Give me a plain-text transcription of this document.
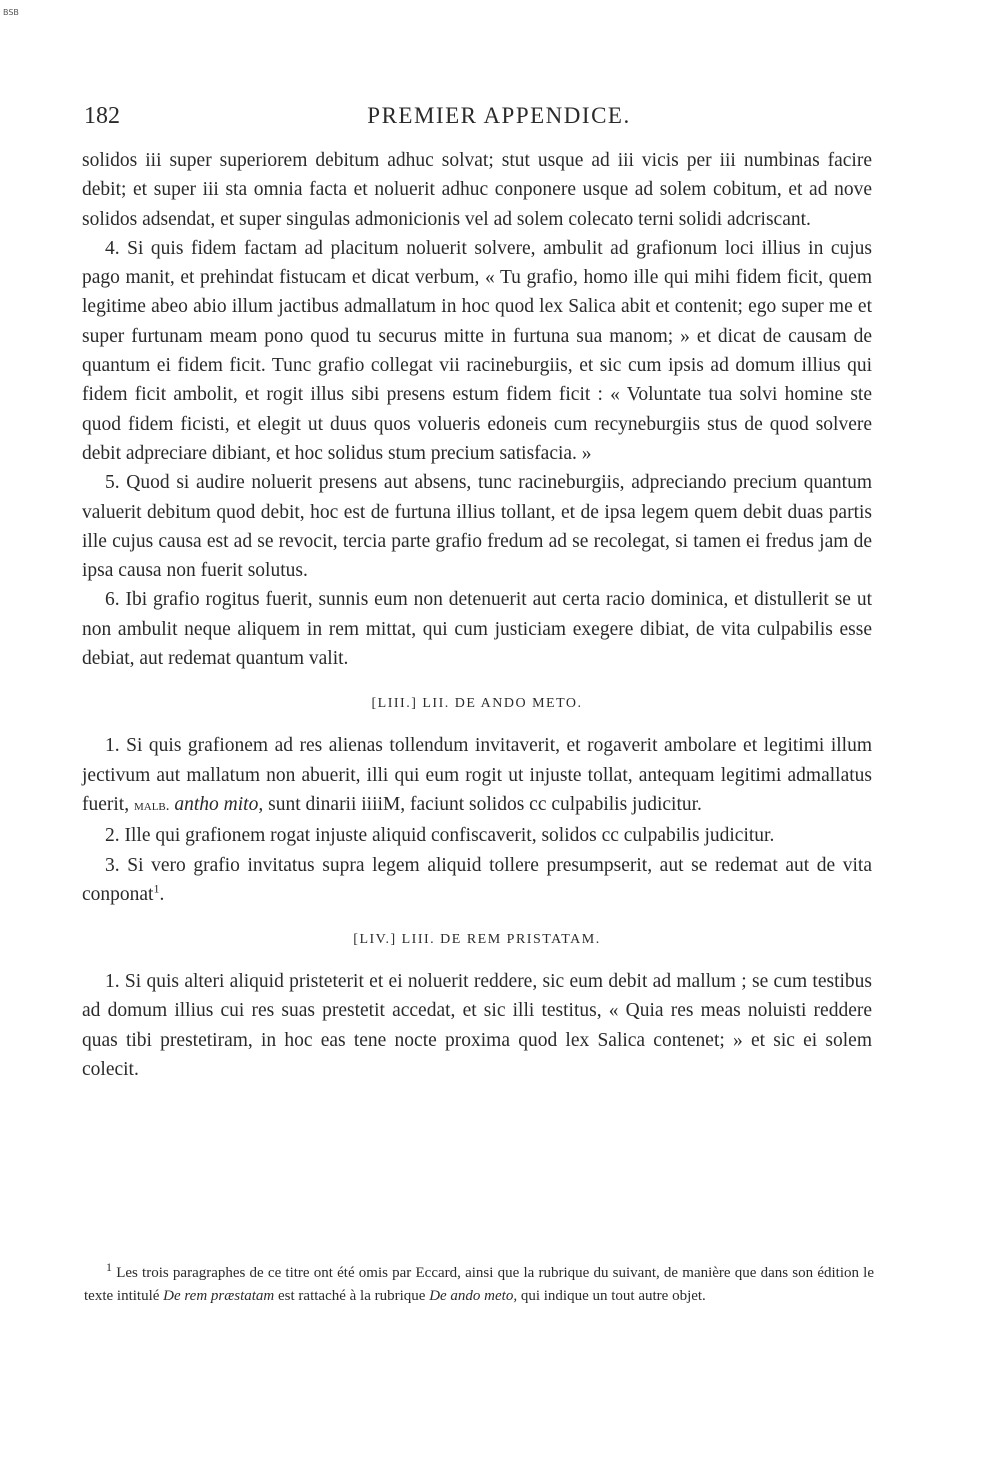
BSB
182	PREMIER APPENDICE.

solidos iii super superiorem debitum adhuc solvat; stut usque ad iii vicis per iii numbinas facire debit; et super iii sta omnia facta et noluerit adhuc conponere usque ad solem cobitum, et ad nove solidos adsendat, et super singulas admonicionis vel ad solem colecato terni solidi adcriscant.

4. Si quis fidem factam ad placitum noluerit solvere, ambulit ad grafionum loci illius in cujus pago manit, et prehindat fistucam et dicat verbum, « Tu grafio, homo ille qui mihi fidem ficit, quem legitime abeo abio illum jactibus admallatum in hoc quod lex Salica abit et contenit; ego super me et super furtunam meam pono quod tu securus mitte in furtuna sua manom; » et dicat de causam de quantum ei fidem ficit. Tunc grafio collegat vii racineburgiis, et sic cum ipsis ad domum illius qui fidem ficit ambolit, et rogit illus sibi presens estum fidem ficit : « Voluntate tua solvi homine ste quod fidem ficisti, et elegit ut duus quos volueris edoneis cum recyneburgiis stus de quod solvere debit adpreciare dibiant, et hoc solidus stum precium satisfacia. »

5. Quod si audire noluerit presens aut absens, tunc racineburgiis, adpreciando precium quantum valuerit debitum quod debit, hoc est de furtuna illius tollant, et de ipsa legem quem debit duas partis ille cujus causa est ad se revocit, tercia parte grafio fredum ad se recolegat, si tamen ei fredus jam de ipsa causa non fuerit solutus.

6. Ibi grafio rogitus fuerit, sunnis eum non detenuerit aut certa racio dominica, et distullerit se ut non ambulit neque aliquem in rem mittat, qui cum justiciam exegere dibiat, de vita culpabilis esse debiat, aut redemat quantum valit.

[LIII.] LII. DE ANDO METO.

1. Si quis grafionem ad res alienas tollendum invitaverit, et rogaverit ambolare et legitimi illum jectivum aut mallatum non abuerit, illi qui eum rogit ut injuste tollat, antequam legitimi admallatus fuerit, malb. antho mito, sunt dinarii iiiiM, faciunt solidos cc culpabilis judicitur.

2. Ille qui grafionem rogat injuste aliquid confiscaverit, solidos cc culpabilis judicitur.

3. Si vero grafio invitatus supra legem aliquid tollere presumpserit, aut se redemat aut de vita conponat$^1$.

[LIV.] LIII. DE REM PRISTATAM.

1. Si quis alteri aliquid pristeterit et ei noluerit reddere, sic eum debit ad mallum ; se cum testibus ad domum illius cui res suas prestetit accedat, et sic illi testitus, « Quia res meas noluisti reddere quas tibi prestetiram, in hoc eas tene nocte proxima quod lex Salica contenet; » et sic ei solem colecit.

$^1$ Les trois paragraphes de ce titre ont été omis par Eccard, ainsi que la rubrique du suivant, de manière que dans son édition le texte intitulé De rem præstatam est rattaché à la rubrique De ando meto, qui indique un tout autre objet.
